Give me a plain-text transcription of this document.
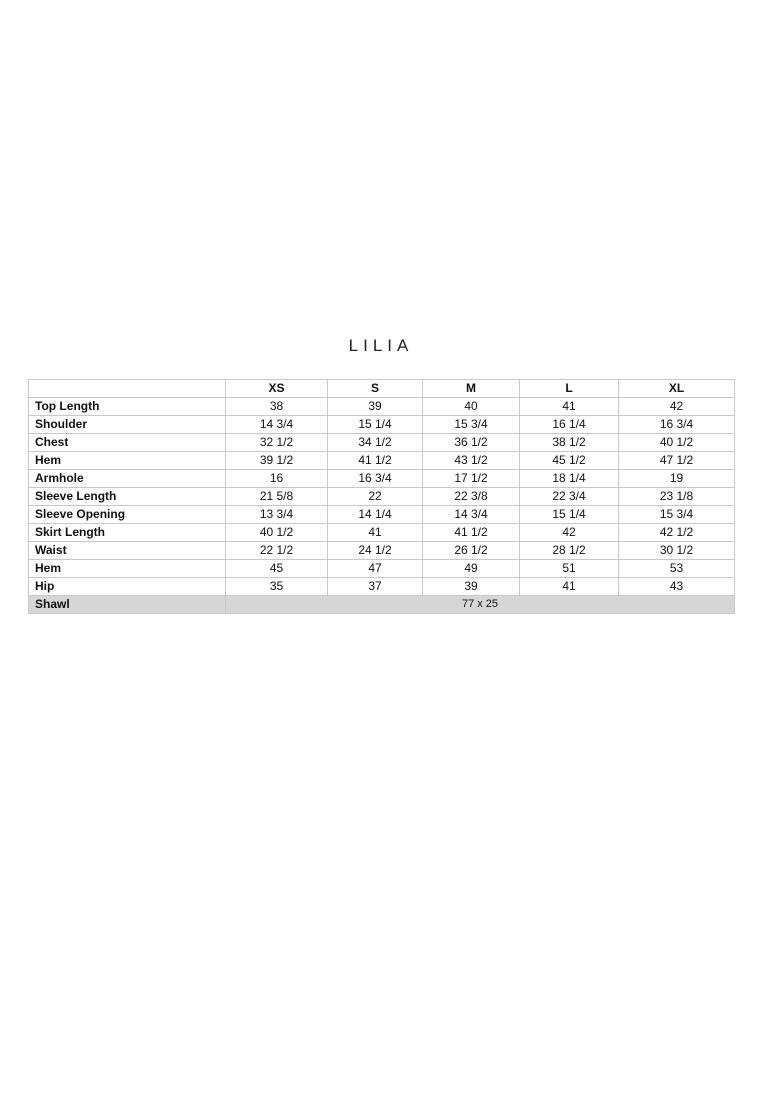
LILIA
	XS	S	M	L	XL
Top Length	38	39	40	41	42
Shoulder	14 3/4	15 1/4	15 3/4	16 1/4	16 3/4
Chest	32 1/2	34 1/2	36 1/2	38 1/2	40 1/2
Hem	39 1/2	41 1/2	43 1/2	45 1/2	47 1/2
Armhole	16	16 3/4	17 1/2	18 1/4	19
Sleeve Length	21 5/8	22	22 3/8	22 3/4	23 1/8
Sleeve Opening	13 3/4	14 1/4	14 3/4	15 1/4	15 3/4
Skirt Length	40 1/2	41	41 1/2	42	42 1/2
Waist	22 1/2	24 1/2	26 1/2	28 1/2	30 1/2
Hem	45	47	49	51	53
Hip	35	37	39	41	43
Shawl	77 x 25				
